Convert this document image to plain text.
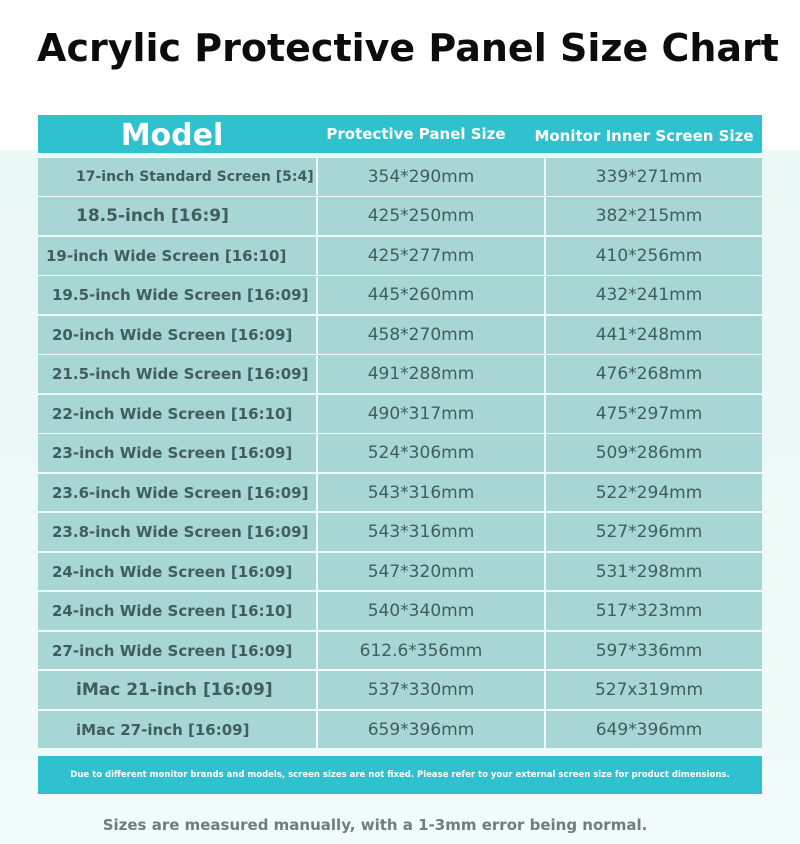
Acrylic Protective Panel Size Chart
Model	Protective Panel Size	Monitor Inner Screen Size
17-inch Standard Screen [5:4]	354*290mm	339*271mm
18.5-inch [16:9]	425*250mm	382*215mm
19-inch Wide Screen [16:10]	425*277mm	410*256mm
19.5-inch Wide Screen [16:09]	445*260mm	432*241mm
20-inch Wide Screen [16:09]	458*270mm	441*248mm
21.5-inch Wide Screen [16:09]	491*288mm	476*268mm
22-inch Wide Screen [16:10]	490*317mm	475*297mm
23-inch Wide Screen [16:09]	524*306mm	509*286mm
23.6-inch Wide Screen [16:09]	543*316mm	522*294mm
23.8-inch Wide Screen [16:09]	543*316mm	527*296mm
24-inch Wide Screen [16:09]	547*320mm	531*298mm
24-inch Wide Screen [16:10]	540*340mm	517*323mm
27-inch Wide Screen [16:09]	612.6*356mm	597*336mm
iMac 21-inch [16:09]	537*330mm	527x319mm
iMac 27-inch [16:09]	659*396mm	649*396mm
Due to different monitor brands and models, screen sizes are not fixed. Please refer to your external screen size for product dimensions.
Sizes are measured manually, with a 1-3mm error being normal.
